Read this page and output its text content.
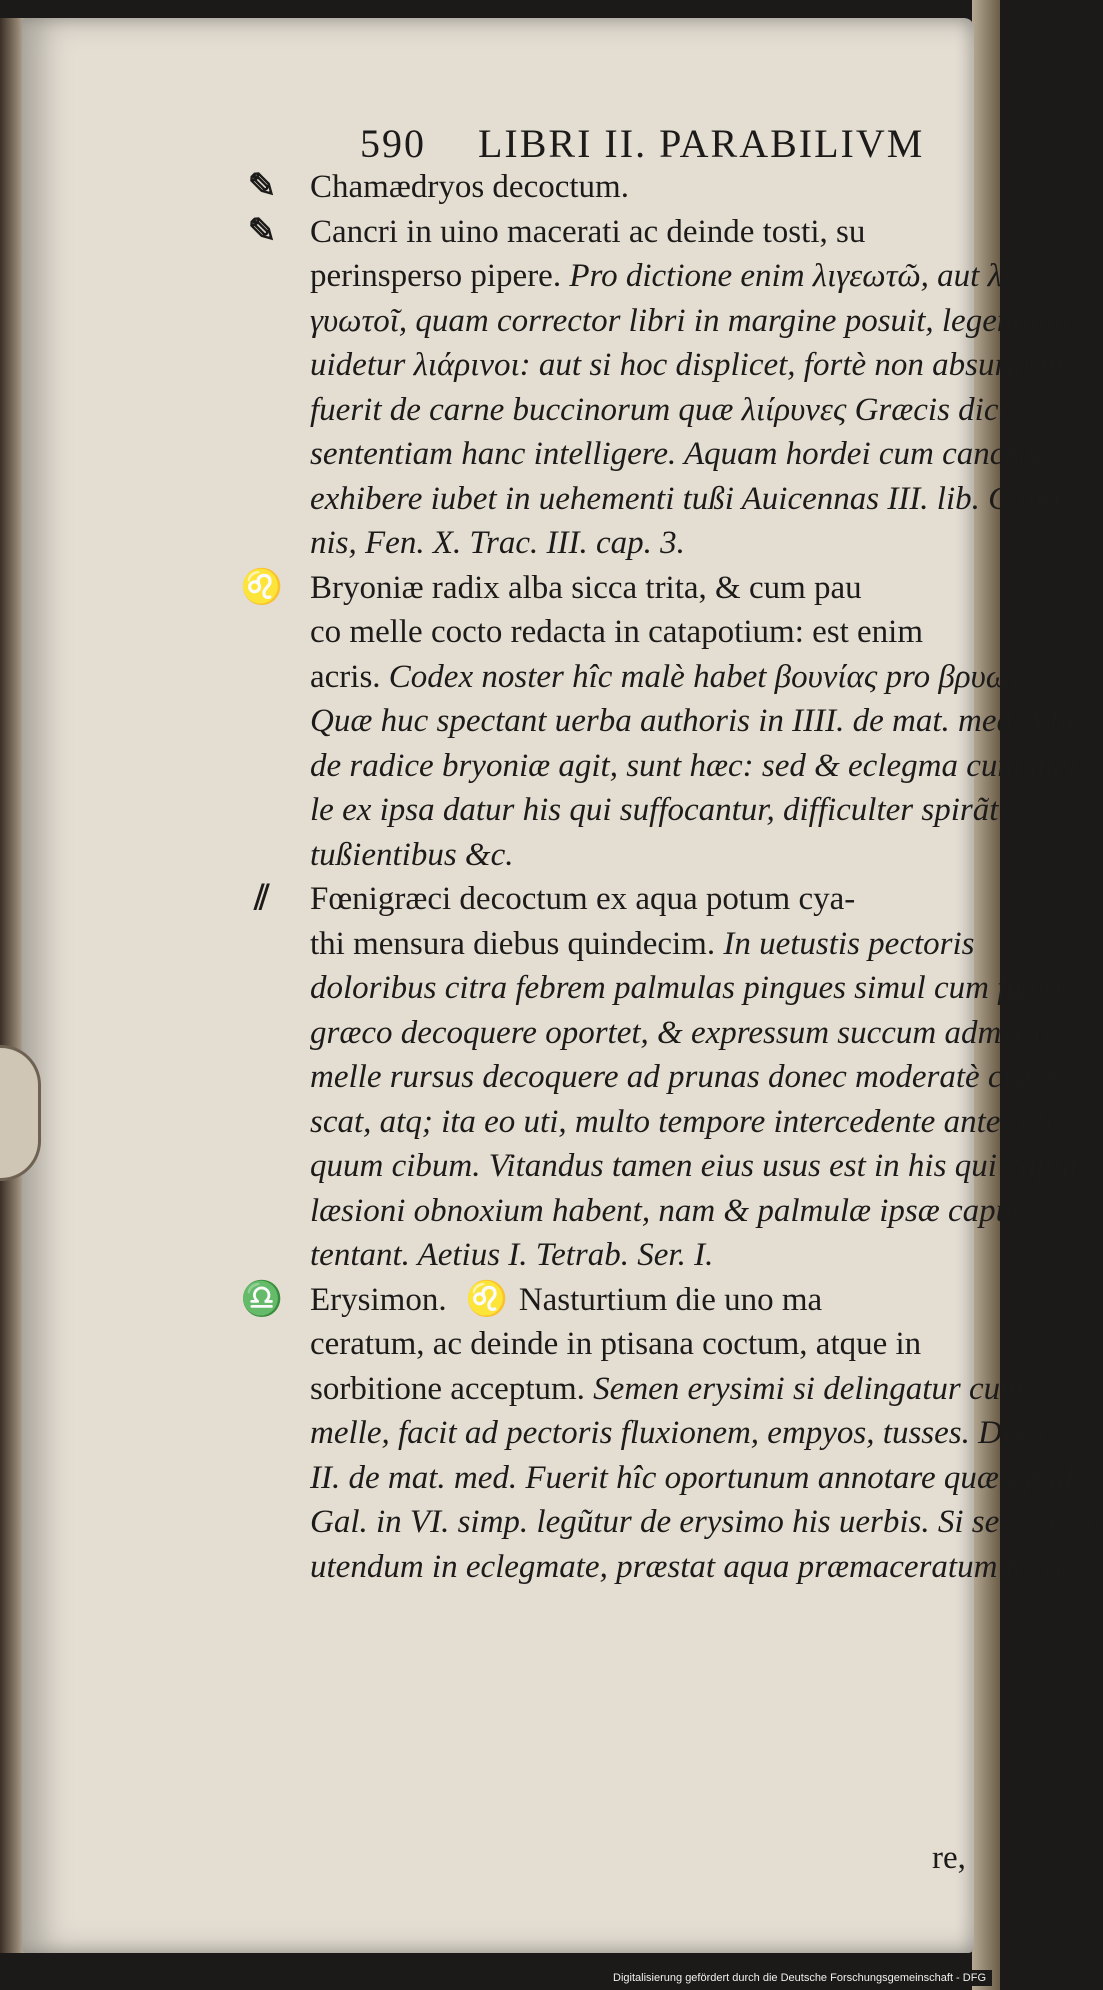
590 LIBRI II. PARABILIVM
✎ Chamædryos decoctum.
✎ Cancri in uino macerati ac deinde tosti, su
perinsperso pipere. Pro dictione enim λιγεωτῶ, aut λι-
γυωτοῖ, quam corrector libri in margine posuit, legendum
uidetur λιάρινοι: aut si hoc displicet, fortè non absurdum
fuerit de carne buccinorum quæ λιίρυνες Græcis dicuntur,
sententiam hanc intelligere. Aquam hordei cum cancris
exhibere iubet in uehementi tußi Auicennas III. lib. Cano-
nis, Fen. X. Trac. III. cap. 3.
♌ Bryoniæ radix alba sicca trita, & cum pau
co melle cocto redacta in catapotium: est enim
acris. Codex noster hîc malè habet βουνίας pro βρυωνίας.
Quæ huc spectant uerba authoris in IIII. de mat. med. Vbi
de radice bryoniæ agit, sunt hæc: sed & eclegma cum mel-
le ex ipsa datur his qui suffocantur, difficulter spirãtibus,
tußientibus &c.
⫽ Fœnigræci decoctum ex aqua potum cya-
thi mensura diebus quindecim. In uetustis pectoris
doloribus citra febrem palmulas pingues simul cum fœno-
græco decoquere oportet, & expressum succum admixto
melle rursus decoquere ad prunas donec moderatè crasse-
scat, atq; ita eo uti, multo tempore intercedente ante reli-
quum cibum. Vitandus tamen eius usus est in his qui caput
læsioni obnoxium habent, nam & palmulæ ipsæ caput
tentant. Aetius I. Tetrab. Ser. I.
♎ Erysimon. ♌ Nasturtium die uno ma
ceratum, ac deinde in ptisana coctum, atque in
sorbitione acceptum. Semen erysimi si delingatur cum
melle, facit ad pectoris fluxionem, empyos, tusses. Disco. in
II. de mat. med. Fuerit hîc oportunum annotare quæ apud
Gal. in VI. simp. legũtur de erysimo his uerbis. Si semine sit
utendum in eclegmate, præstat aqua præmaceratum torre-
re,
Digitalisierung gefördert durch die Deutsche Forschungsgemeinschaft - DFG
